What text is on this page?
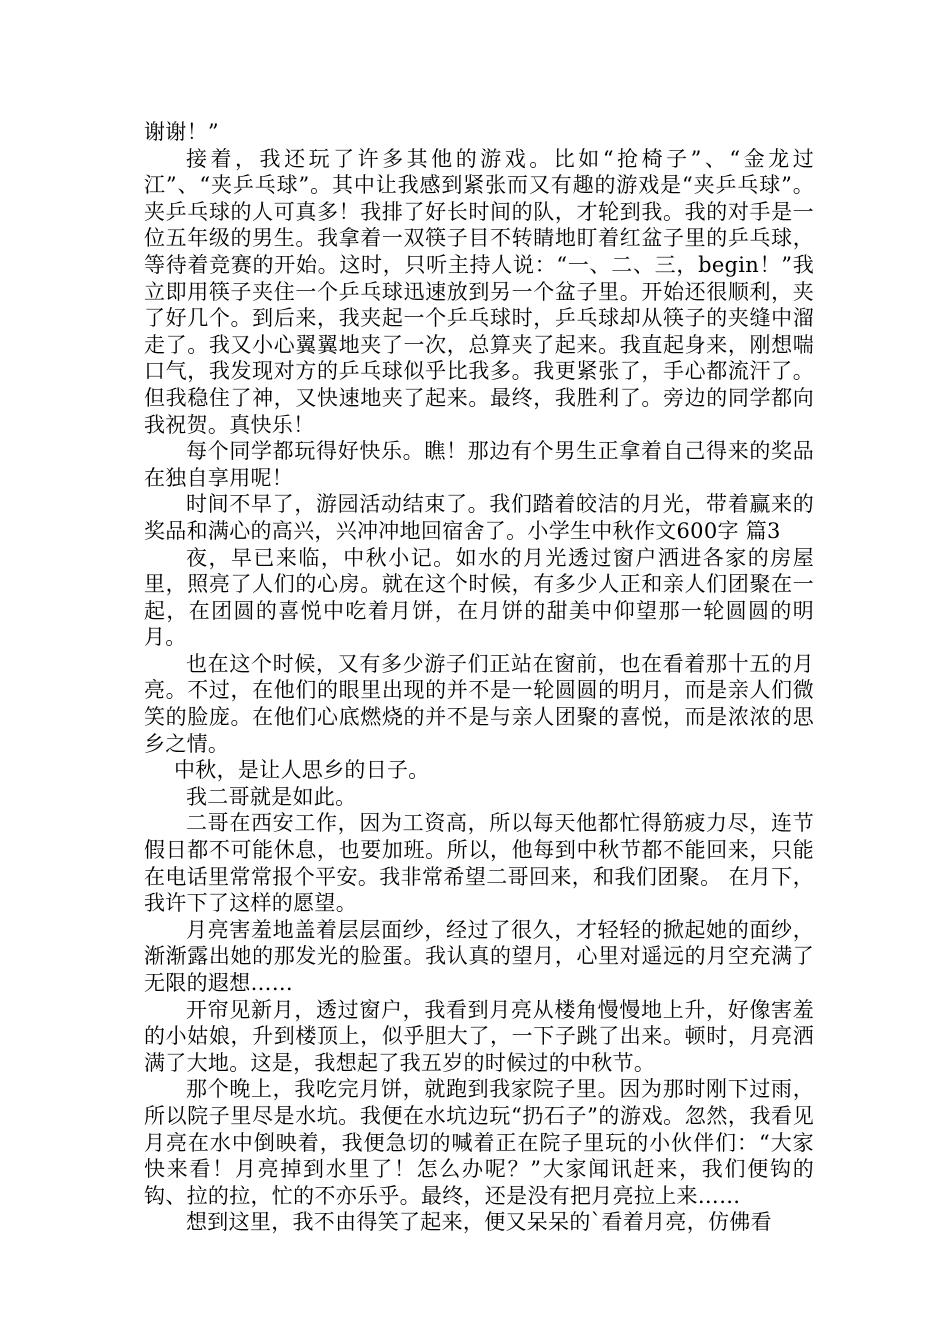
谢谢！”

接着，我还玩了许多其他的游戏。比如“抢椅子”、“金龙过江”、“夹乒乓球”。其中让我感到紧张而又有趣的游戏是“夹乒乓球”。夹乒乓球的人可真多！我排了好长时间的队，才轮到我。我的对手是一位五年级的男生。我拿着一双筷子目不转睛地盯着红盆子里的乒乓球，等待着竞赛的开始。这时，只听主持人说：“一、二、三，begin！”我立即用筷子夹住一个乒乓球迅速放到另一个盆子里。开始还很顺利，夹了好几个。到后来，我夹起一个乒乓球时，乒乓球却从筷子的夹缝中溜走了。我又小心翼翼地夹了一次，总算夹了起来。我直起身来，刚想喘口气，我发现对方的乒乓球似乎比我多。我更紧张了，手心都流汗了。但我稳住了神，又快速地夹了起来。最终，我胜利了。旁边的同学都向我祝贺。真快乐！

每个同学都玩得好快乐。瞧！那边有个男生正拿着自己得来的奖品在独自享用呢！

时间不早了，游园活动结束了。我们踏着皎洁的月光，带着赢来的奖品和满心的高兴，兴冲冲地回宿舍了。小学生中秋作文600字 篇3

夜，早已来临，中秋小记。如水的月光透过窗户洒进各家的房屋里，照亮了人们的心房。就在这个时候，有多少人正和亲人们团聚在一起，在团圆的喜悦中吃着月饼，在月饼的甜美中仰望那一轮圆圆的明月。

也在这个时候，又有多少游子们正站在窗前，也在看着那十五的月亮。不过，在他们的眼里出现的并不是一轮圆圆的明月，而是亲人们微笑的脸庞。在他们心底燃烧的并不是与亲人团聚的喜悦，而是浓浓的思乡之情。

中秋，是让人思乡的日子。

我二哥就是如此。

二哥在西安工作，因为工资高，所以每天他都忙得筋疲力尽，连节假日都不可能休息，也要加班。所以，他每到中秋节都不能回来，只能在电话里常常报个平安。我非常希望二哥回来，和我们团聚。 在月下，我许下了这样的愿望。

月亮害羞地盖着层层面纱，经过了很久，才轻轻的掀起她的面纱，渐渐露出她的那发光的脸蛋。我认真的望月，心里对遥远的月空充满了无限的遐想……

开帘见新月，透过窗户，我看到月亮从楼角慢慢地上升，好像害羞的小姑娘，升到楼顶上，似乎胆大了，一下子跳了出来。顿时，月亮洒满了大地。这是，我想起了我五岁的时候过的中秋节。

那个晚上，我吃完月饼，就跑到我家院子里。因为那时刚下过雨，所以院子里尽是水坑。我便在水坑边玩“扔石子”的游戏。忽然，我看见月亮在水中倒映着，我便急切的喊着正在院子里玩的小伙伴们：“大家快来看！月亮掉到水里了！怎么办呢？”大家闻讯赶来，我们便钩的钩、拉的拉，忙的不亦乐乎。最终，还是没有把月亮拉上来……

想到这里，我不由得笑了起来，便又呆呆的`看着月亮，仿佛看
